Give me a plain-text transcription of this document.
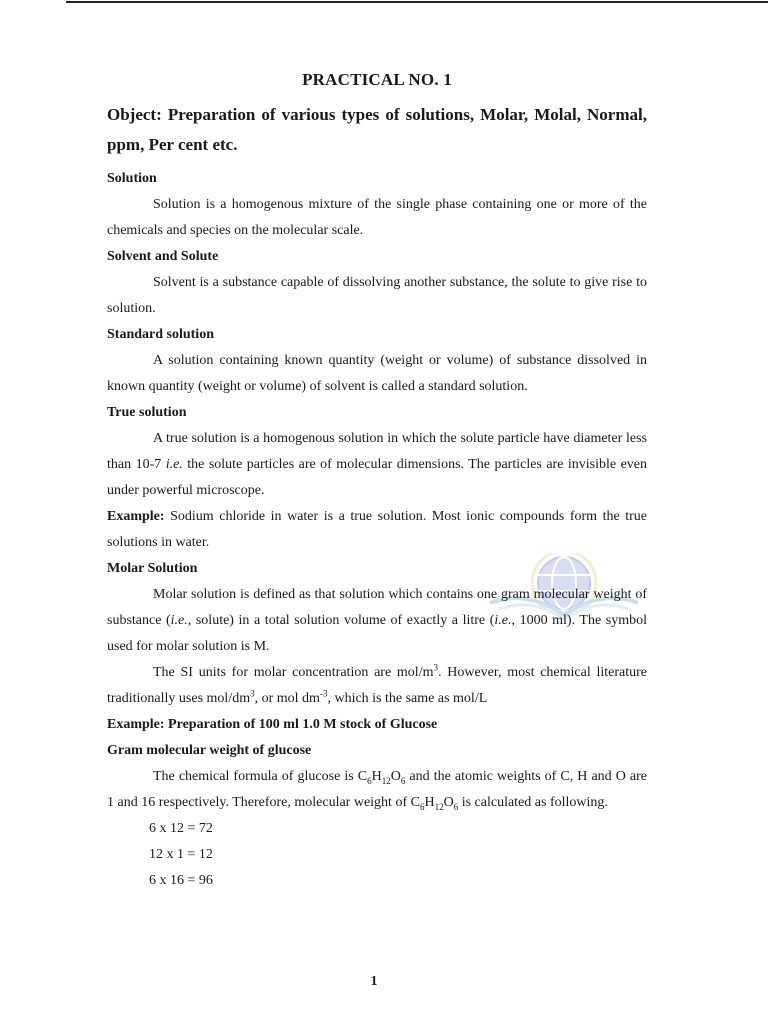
PRACTICAL NO. 1

Object: Preparation of various types of solutions, Molar, Molal, Normal, ppm, Per cent etc.

Solution

Solution is a homogenous mixture of the single phase containing one or more of the chemicals and species on the molecular scale.

Solvent and Solute

Solvent is a substance capable of dissolving another substance, the solute to give rise to solution.

Standard solution

A solution containing known quantity (weight or volume) of substance dissolved in known quantity (weight or volume) of solvent is called a standard solution.

True solution

A true solution is a homogenous solution in which the solute particle have diameter less than 10-7 i.e. the solute particles are of molecular dimensions. The particles are invisible even under powerful microscope.

Example: Sodium chloride in water is a true solution. Most ionic compounds form the true solutions in water.

Molar Solution

Molar solution is defined as that solution which contains one gram molecular weight of substance (i.e., solute) in a total solution volume of exactly a litre (i.e., 1000 ml). The symbol used for molar solution is M.

The SI units for molar concentration are mol/$m^3$. However, most chemical literature traditionally uses mol/$dm^3$, or mol $dm^{-3}$, which is the same as mol/L

Example: Preparation of 100 ml 1.0 M stock of Glucose

Gram molecular weight of glucose

The chemical formula of glucose is $C_6H_{12}O_6$ and the atomic weights of C, H and O are 1 and 16 respectively. Therefore, molecular weight of $C_6H_{12}O_6$ is calculated as following.

6 x 12 = 72

12 x 1 = 12

6 x 16 = 96

1
